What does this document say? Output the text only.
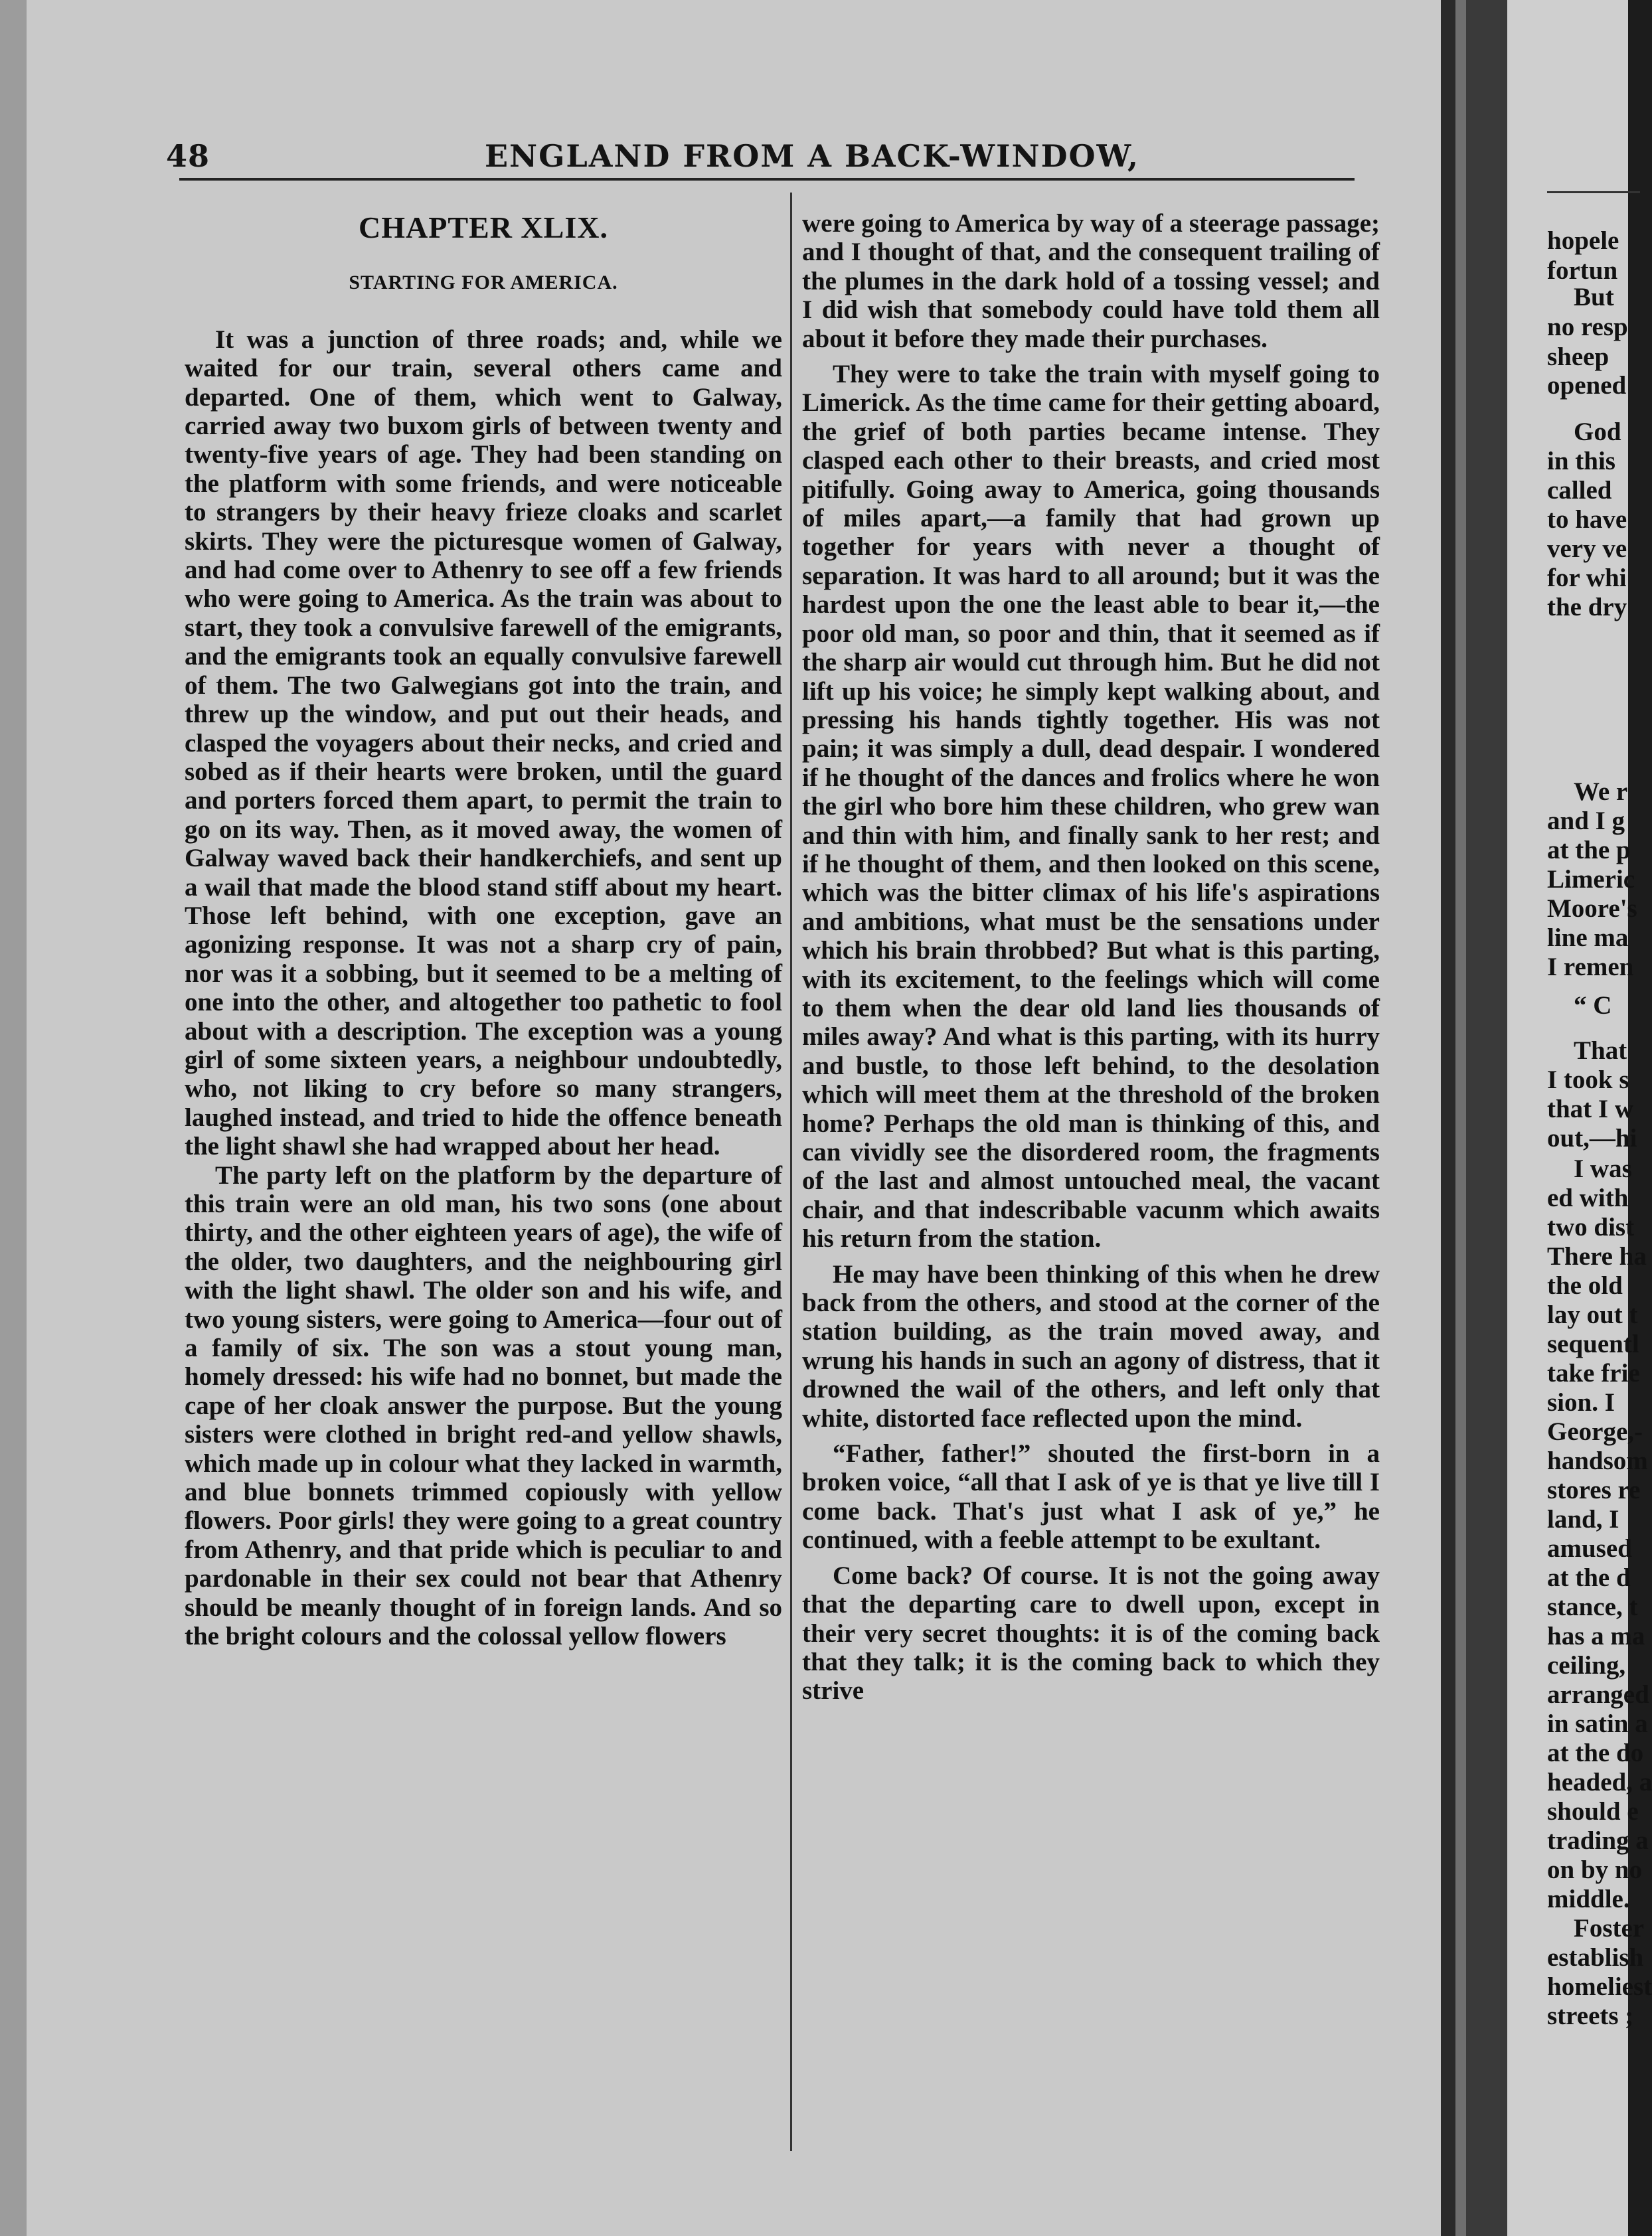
48	ENGLAND FROM A BACK-WINDOW,
CHAPTER XLIX.
STARTING FOR AMERICA.

It was a junction of three roads; and, while we waited for our train, several others came and departed. One of them, which went to Galway, carried away two buxom girls of between twenty and twenty-five years of age. They had been standing on the platform with some friends, and were noticeable to strangers by their heavy frieze cloaks and scarlet skirts. They were the picturesque women of Galway, and had come over to Athenry to see off a few friends who were going to America. As the train was about to start, they took a convulsive farewell of the emigrants, and the emigrants took an equally convulsive farewell of them. The two Galwegians got into the train, and threw up the window, and put out their heads, and clasped the voyagers about their necks, and cried and sobed as if their hearts were broken, until the guard and porters forced them apart, to permit the train to go on its way. Then, as it moved away, the women of Galway waved back their handkerchiefs, and sent up a wail that made the blood stand stiff about my heart. Those left behind, with one exception, gave an agonizing response. It was not a sharp cry of pain, nor was it a sobbing, but it seemed to be a melting of one into the other, and altogether too pathetic to fool about with a description. The exception was a young girl of some sixteen years, a neighbour undoubtedly, who, not liking to cry before so many strangers, laughed instead, and tried to hide the offence beneath the light shawl she had wrapped about her head.

The party left on the platform by the departure of this train were an old man, his two sons (one about thirty, and the other eighteen years of age), the wife of the older, two daughters, and the neighbouring girl with the light shawl. The older son and his wife, and two young sisters, were going to America—four out of a family of six. The son was a stout young man, homely dressed: his wife had no bonnet, but made the cape of her cloak answer the purpose. But the young sisters were clothed in bright red-and yellow shawls, which made up in colour what they lacked in warmth, and blue bonnets trimmed copiously with yellow flowers. Poor girls! they were going to a great country from Athenry, and that pride which is peculiar to and pardonable in their sex could not bear that Athenry should be meanly thought of in foreign lands. And so the bright colours and the colossal yellow flowers

were going to America by way of a steerage passage; and I thought of that, and the consequent trailing of the plumes in the dark hold of a tossing vessel; and I did wish that somebody could have told them all about it before they made their purchases.

They were to take the train with myself going to Limerick. As the time came for their getting aboard, the grief of both parties became intense. They clasped each other to their breasts, and cried most pitifully. Going away to America, going thousands of miles apart,—a family that had grown up together for years with never a thought of separation. It was hard to all around; but it was the hardest upon the one the least able to bear it,—the poor old man, so poor and thin, that it seemed as if the sharp air would cut through him. But he did not lift up his voice; he simply kept walking about, and pressing his hands tightly together. His was not pain; it was simply a dull, dead despair. I wondered if he thought of the dances and frolics where he won the girl who bore him these children, who grew wan and thin with him, and finally sank to her rest; and if he thought of them, and then looked on this scene, which was the bitter climax of his life's aspirations and ambitions, what must be the sensations under which his brain throbbed? But what is this parting, with its excitement, to the feelings which will come to them when the dear old land lies thousands of miles away? And what is this parting, with its hurry and bustle, to those left behind, to the desolation which will meet them at the threshold of the broken home? Perhaps the old man is thinking of this, and can vividly see the disordered room, the fragments of the last and almost untouched meal, the vacant chair, and that indescribable vacunm which awaits his return from the station.

He may have been thinking of this when he drew back from the others, and stood at the corner of the station building, as the train moved away, and wrung his hands in such an agony of distress, that it drowned the wail of the others, and left only that white, distorted face reflected upon the mind.

“Father, father!” shouted the first-born in a broken voice, “all that I ask of ye is that ye live till I come back. That's just what I ask of ye,” he continued, with a feeble attempt to be exultant.

Come back? Of course. It is not the going away that the departing care to dwell upon, except in their very secret thoughts: it is of the coming back that they talk; it is the coming back to which they strive

hopele
fortun
But
no resp
sheep
opened
God
in this
called
to have
very ve
for whi
the dry
We r
and I g
at the p
Limeric
Moore's
line ma
I remen
“ C
That
I took s
that I w
out,—hi
I was
ed with
two dist
There ha
the old
lay out t
sequentl
take frie
sion. I
George,-
handsom
stores re
land, I
amused
at the d
stance, t
has a ma
ceiling,
arranged
in satin a
at the do
headed, a
should e
trading a
on by no
middle.
Foster
establish
homeliest
streets ;
